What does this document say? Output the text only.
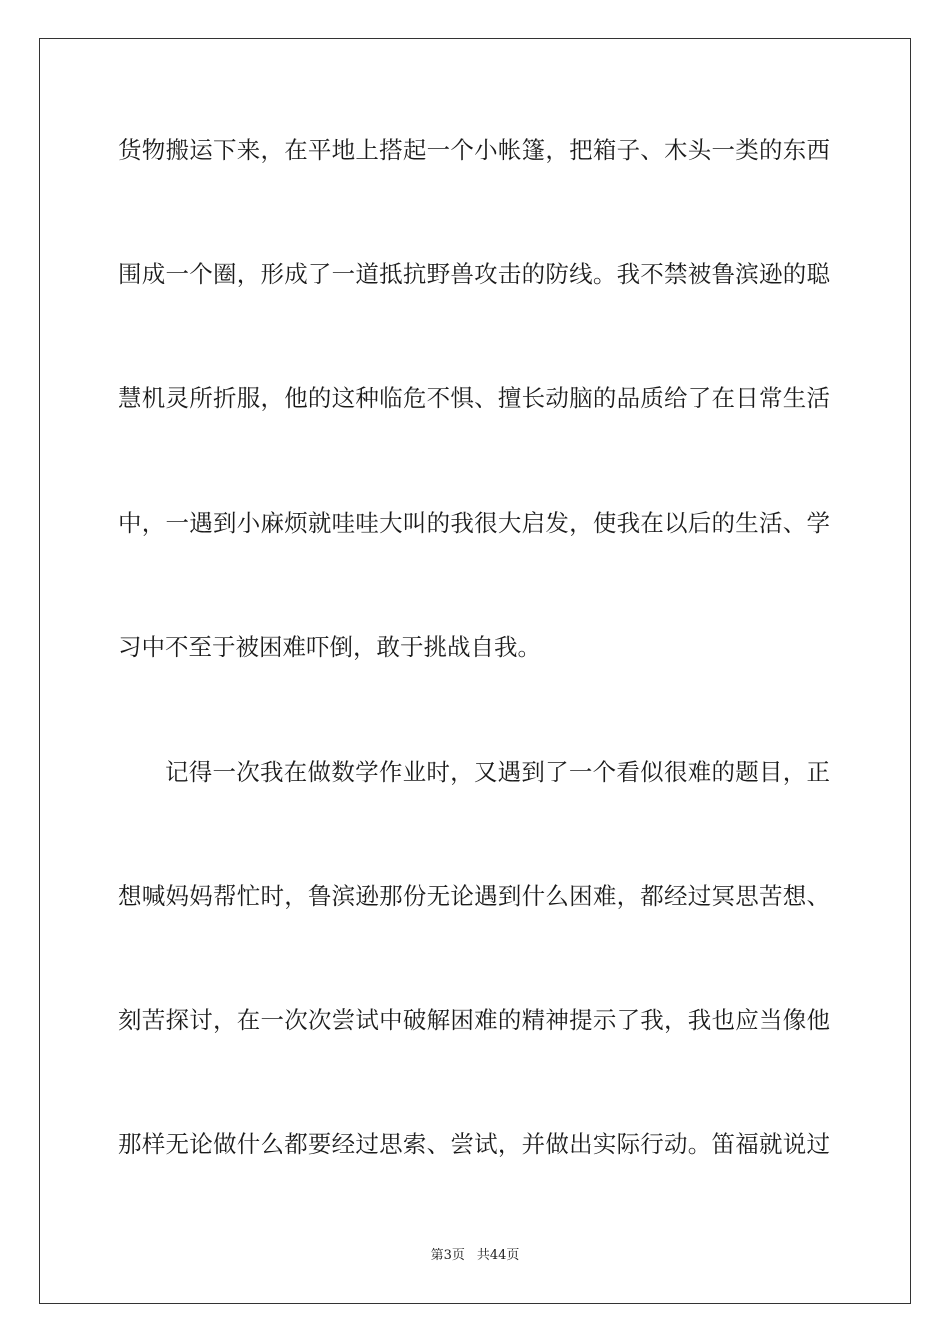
货物搬运下来，在平地上搭起一个小帐篷，把箱子、木头一类的东西
围成一个圈，形成了一道抵抗野兽攻击的防线。我不禁被鲁滨逊的聪
慧机灵所折服，他的这种临危不惧、擅长动脑的品质给了在日常生活
中，一遇到小麻烦就哇哇大叫的我很大启发，使我在以后的生活、学
习中不至于被困难吓倒，敢于挑战自我。
记得一次我在做数学作业时，又遇到了一个看似很难的题目，正
想喊妈妈帮忙时，鲁滨逊那份无论遇到什么困难，都经过冥思苦想、
刻苦探讨，在一次次尝试中破解困难的精神提示了我，我也应当像他
那样无论做什么都要经过思索、尝试，并做出实际行动。笛福就说过
第3页 共44页
